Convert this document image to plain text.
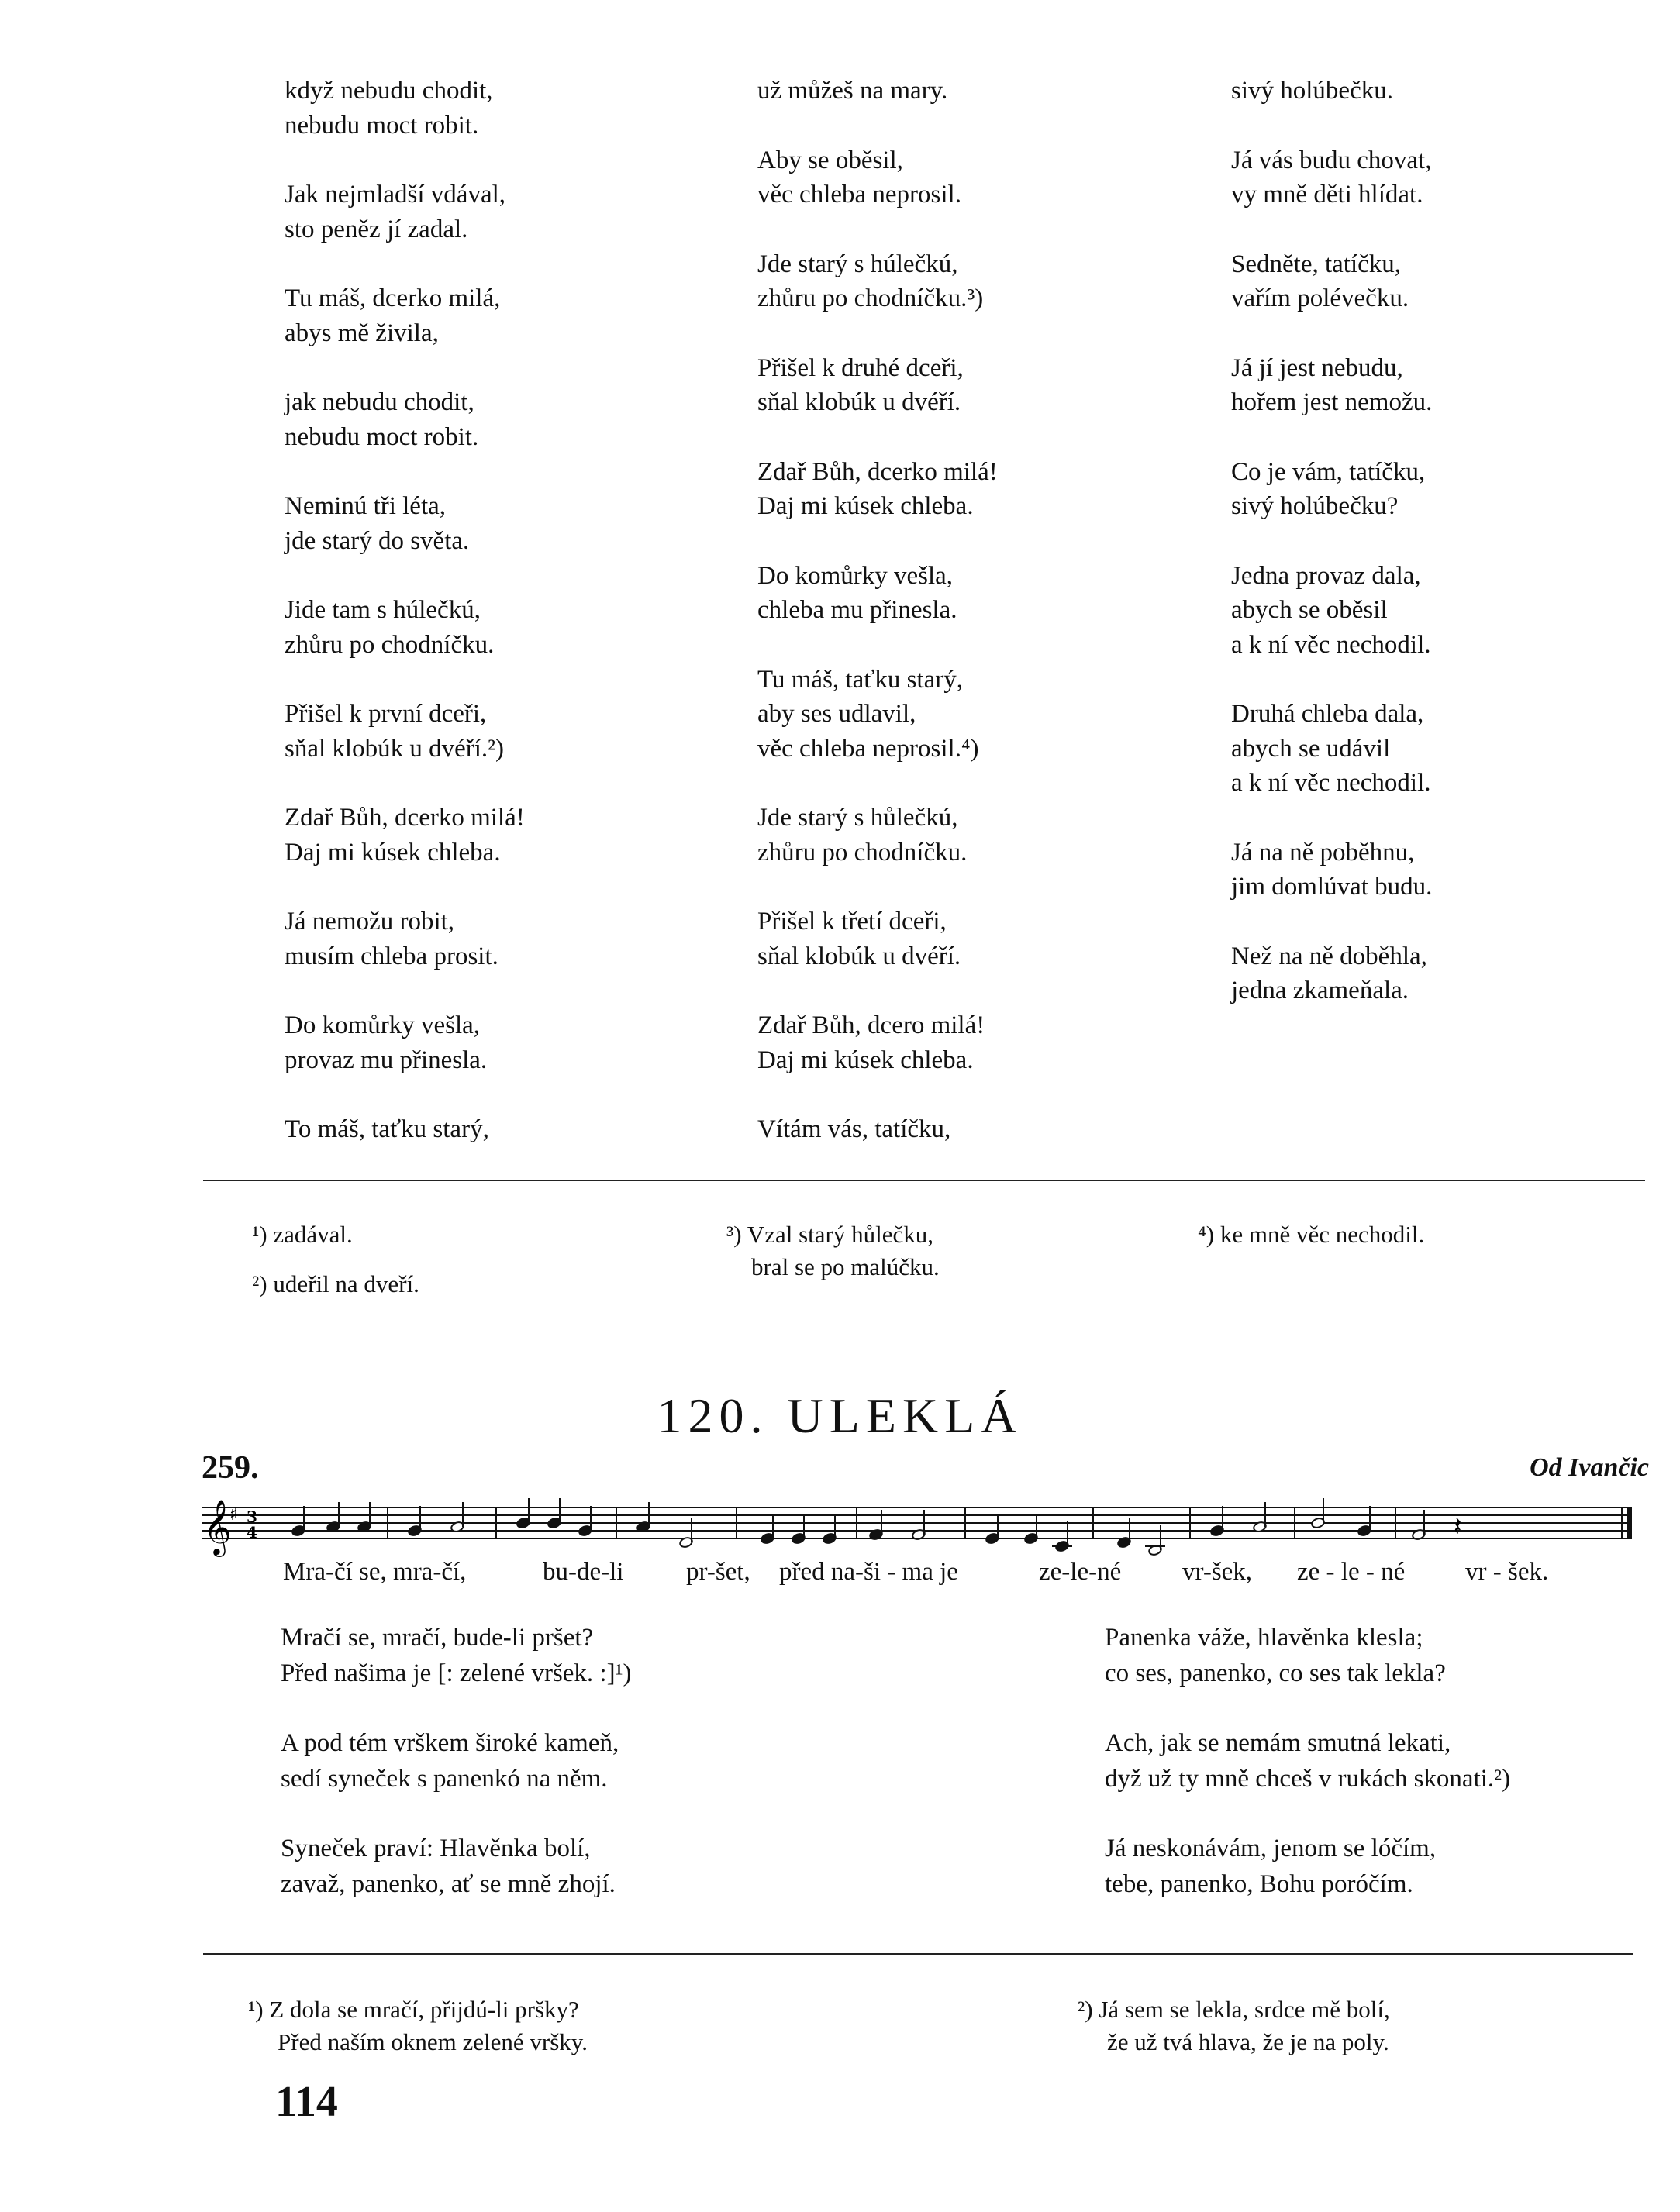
když nebudu chodit,
nebudu moct robit.
Jak nejmladší vdával,
sto peněz jí zadal.
Tu máš, dcerko milá,
abys mě živila,
jak nebudu chodit,
nebudu moct robit.
Neminú tři léta,
jde starý do světa.
Jide tam s húlečkú,
zhůru po chodníčku.
Přišel k první dceři,
sňal klobúk u dvéří.²)
Zdař Bůh, dcerko milá!
Daj mi kúsek chleba.
Já nemožu robit,
musím chleba prosit.
Do komůrky vešla,
provaz mu přinesla.
To máš, taťku starý,
už můžeš na mary.
Aby se oběsil,
věc chleba neprosil.
Jde starý s húlečkú,
zhůru po chodníčku.³)
Přišel k druhé dceři,
sňal klobúk u dvéří.
Zdař Bůh, dcerko milá!
Daj mi kúsek chleba.
Do komůrky vešla,
chleba mu přinesla.
Tu máš, taťku starý,
aby ses udlavil,
věc chleba neprosil.⁴)
Jde starý s hůlečkú,
zhůru po chodníčku.
Přišel k třetí dceři,
sňal klobúk u dvéří.
Zdař Bůh, dcero milá!
Daj mi kúsek chleba.
Vítám vás, tatíčku,
sivý holúbečku.
Já vás budu chovat,
vy mně děti hlídat.
Sedněte, tatíčku,
vařím polévečku.
Já jí jest nebudu,
hořem jest nemožu.
Co je vám, tatíčku,
sivý holúbečku?
Jedna provaz dala,
abych se oběsil
a k ní věc nechodil.
Druhá chleba dala,
abych se udávil
a k ní věc nechodil.
Já na ně poběhnu,
jim domlúvat budu.
Než na ně doběhla,
jedna zkameňala.
¹) zadával.
²) udeřil na dveří.
³) Vzal starý hůlečku,
bral se po malúčku.
⁴) ke mně věc nechodil.
120. ULEKLÁ
259.	Od Ivančic
𝄞
♯ 3
4	𝄽
Mra-čí se, mra-čí,	bu-de-li pr-šet, před na-ši - ma je	ze-le-né vr-šek, ze - le - né vr - šek.
Mračí se, mračí, bude-li pršet?
Před našima je [: zelené vršek. :]¹)
A pod tém vrškem široké kameň,
sedí syneček s panenkó na něm.
Syneček praví: Hlavěnka bolí,
zavaž, panenko, ať se mně zhojí.
Panenka váže, hlavěnka klesla;
co ses, panenko, co ses tak lekla?
Ach, jak se nemám smutná lekati,
dyž už ty mně chceš v rukách skonati.²)
Já neskonávám, jenom se lóčím,
tebe, panenko, Bohu poróčím.
¹) Z dola se mračí, přijdú-li pršky?
Před naším oknem zelené vršky.
²) Já sem se lekla, srdce mě bolí,
že už tvá hlava, že je na poly.
114
